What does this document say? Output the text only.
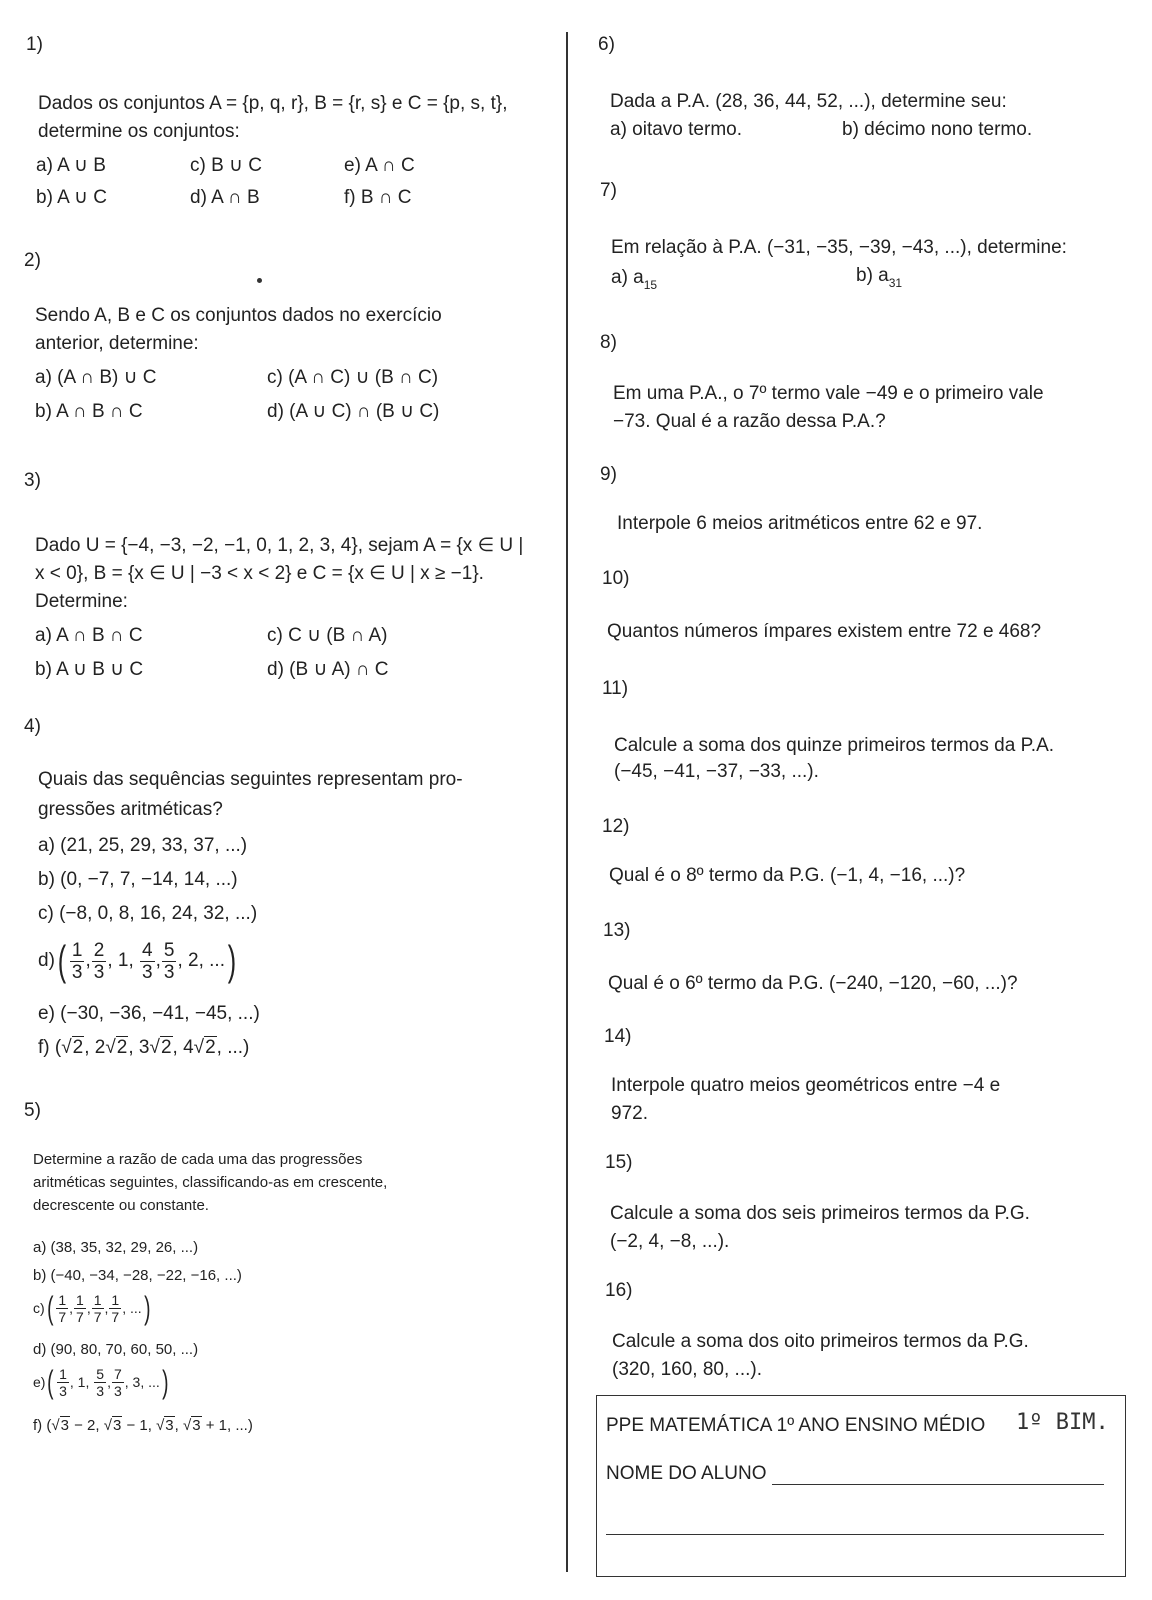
1)
Dados os conjuntos A = {p, q, r}, B = {r, s} e C = {p, s, t},
determine os conjuntos:
a) A ∪ B	c) B ∪ C	e) A ∩ C
b) A ∪ C	d) A ∩ B	f) B ∩ C
2)
Sendo A, B e C os conjuntos dados no exercício
anterior, determine:
a) (A ∩ B) ∪ C	c) (A ∩ C) ∪ (B ∩ C)
b) A ∩ B ∩ C	d) (A ∪ C) ∩ (B ∪ C)
3)
Dado U = {−4, −3, −2, −1, 0, 1, 2, 3, 4}, sejam A = {x ∈ U |
x < 0}, B = {x ∈ U | −3 < x < 2} e C = {x ∈ U | x ≥ −1}.
Determine:
a) A ∩ B ∩ C	c) C ∪ (B ∩ A)
b) A ∪ B ∪ C	d) (B ∪ A) ∩ C
4)
Quais das sequências seguintes representam pro-
gressões aritméticas?
a) (21, 25, 29, 33, 37, ...)
b) (0, −7, 7, −14, 14, ...)
c) (−8, 0, 8, 16, 24, 32, ...)
d) ( $\frac{1}{3}$ , $\frac{2}{3}$ , 1, $\frac{4}{3}$ , $\frac{5}{3}$ , 2, ... )
e) (−30, −36, −41, −45, ...)
f) (√2, 2√2, 3√2, 4√2, ...)
5)
Determine a razão de cada uma das progressões
aritméticas seguintes, classificando-as em crescente,
decrescente ou constante.
a) (38, 35, 32, 29, 26, ...)
b) (−40, −34, −28, −22, −16, ...)
c) ( $\frac{1}{7}$ , $\frac{1}{7}$ , $\frac{1}{7}$ , $\frac{1}{7}$ , ... )
d) (90, 80, 70, 60, 50, ...)
e) ( $\frac{1}{3}$ , 1, $\frac{5}{3}$ , $\frac{7}{3}$ , 3, ... )
f) (√3 − 2, √3 − 1, √3, √3 + 1, ...)
6)
Dada a P.A. (28, 36, 44, 52, ...), determine seu:
a) oitavo termo.	b) décimo nono termo.
7)
Em relação à P.A. (−31, −35, −39, −43, ...), determine:
a) $a_{15}$	b) $a_{31}$
8)
Em uma P.A., o 7º termo vale −49 e o primeiro vale
−73. Qual é a razão dessa P.A.?
9)
Interpole 6 meios aritméticos entre 62 e 97.
10)
Quantos números ímpares existem entre 72 e 468?
11)
Calcule a soma dos quinze primeiros termos da P.A.
(−45, −41, −37, −33, ...).
12)
Qual é o 8º termo da P.G. (−1, 4, −16, ...)?
13)
Qual é o 6º termo da P.G. (−240, −120, −60, ...)?
14)
Interpole quatro meios geométricos entre −4 e
972.
15)
Calcule a soma dos seis primeiros termos da P.G.
(−2, 4, −8, ...).
16)
Calcule a soma dos oito primeiros termos da P.G.
(320, 160, 80, ...).
PPE MATEMÁTICA 1º ANO ENSINO MÉDIO 1º BIM.
NOME DO ALUNO
